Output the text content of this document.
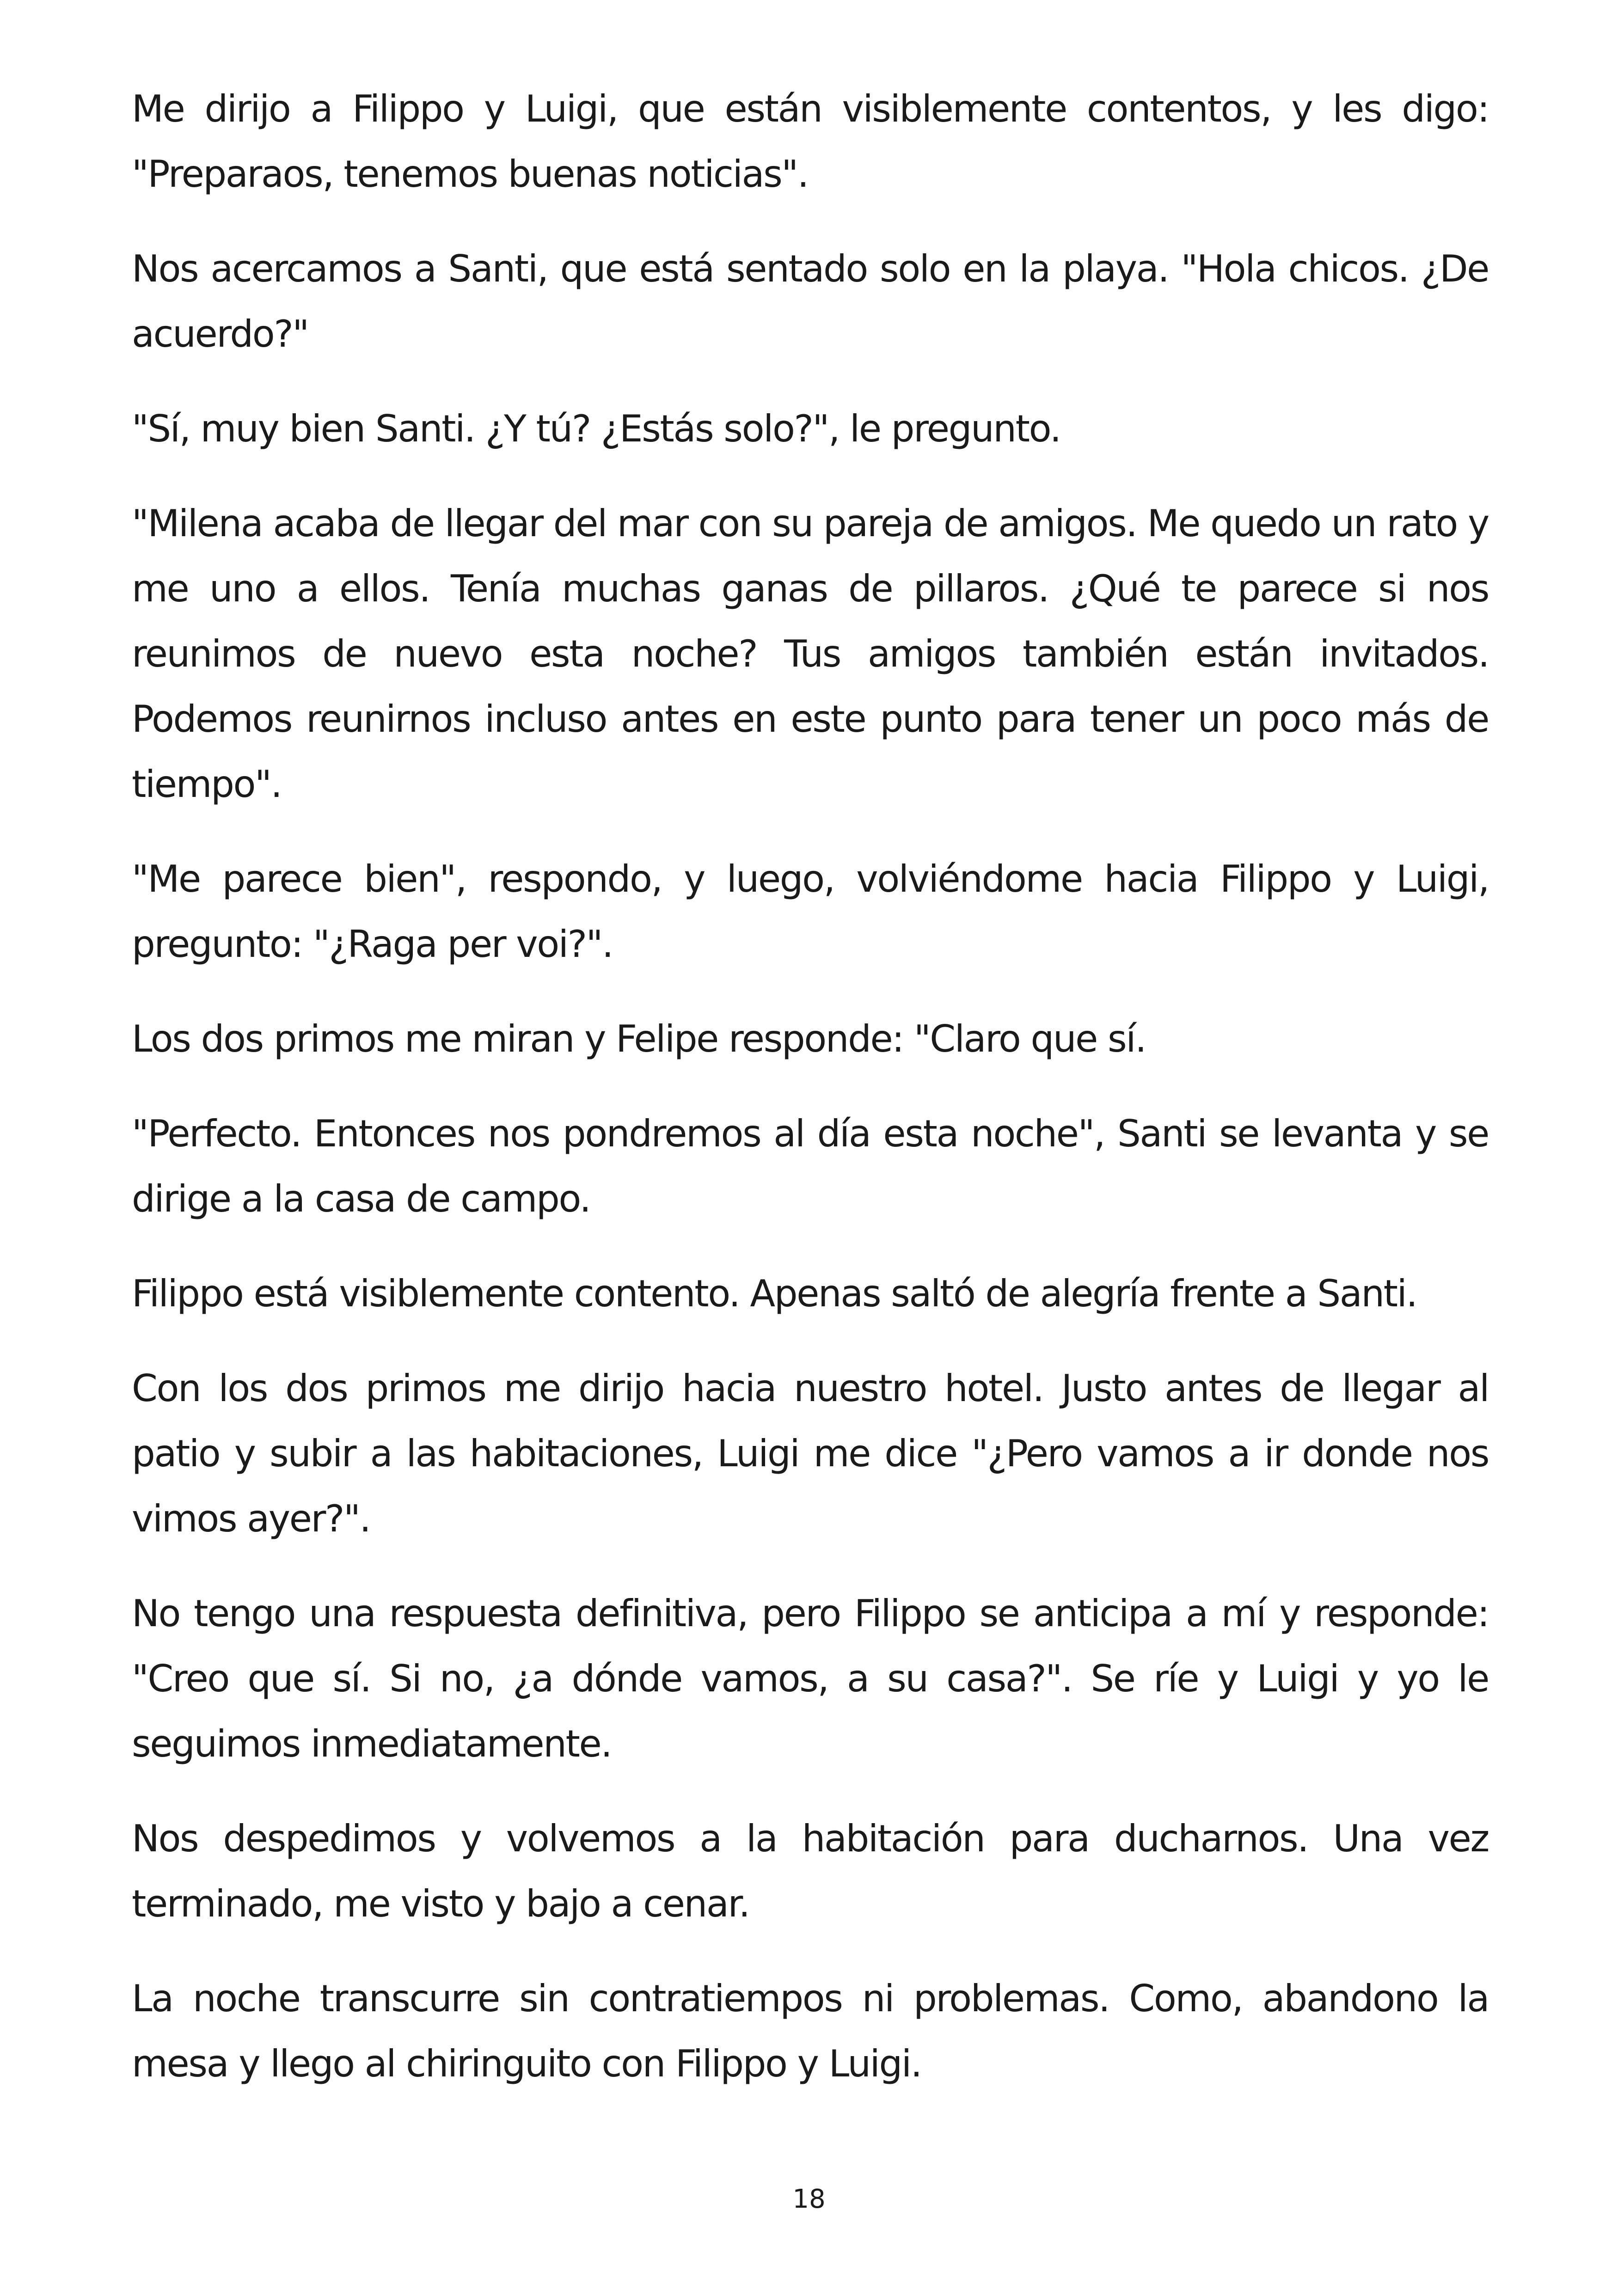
Me dirijo a Filippo y Luigi, que están visiblemente contentos, y les digo: "Preparaos, tenemos buenas noticias".

Nos acercamos a Santi, que está sentado solo en la playa. "Hola chicos. ¿De acuerdo?"

"Sí, muy bien Santi. ¿Y tú? ¿Estás solo?", le pregunto.

"Milena acaba de llegar del mar con su pareja de amigos. Me quedo un rato y me uno a ellos. Tenía muchas ganas de pillaros. ¿Qué te parece si nos reunimos de nuevo esta noche? Tus amigos también están invitados. Podemos reunirnos incluso antes en este punto para tener un poco más de tiempo".

"Me parece bien", respondo, y luego, volviéndome hacia Filippo y Luigi, pregunto: "¿Raga per voi?".

Los dos primos me miran y Felipe responde: "Claro que sí.

"Perfecto. Entonces nos pondremos al día esta noche", Santi se levanta y se dirige a la casa de campo.

Filippo está visiblemente contento. Apenas saltó de alegría frente a Santi.

Con los dos primos me dirijo hacia nuestro hotel. Justo antes de llegar al patio y subir a las habitaciones, Luigi me dice "¿Pero vamos a ir donde nos vimos ayer?".

No tengo una respuesta definitiva, pero Filippo se anticipa a mí y responde: "Creo que sí. Si no, ¿a dónde vamos, a su casa?". Se ríe y Luigi y yo le seguimos inmediatamente.

Nos despedimos y volvemos a la habitación para ducharnos. Una vez terminado, me visto y bajo a cenar.

La noche transcurre sin contratiempos ni problemas. Como, abandono la mesa y llego al chiringuito con Filippo y Luigi.

18
